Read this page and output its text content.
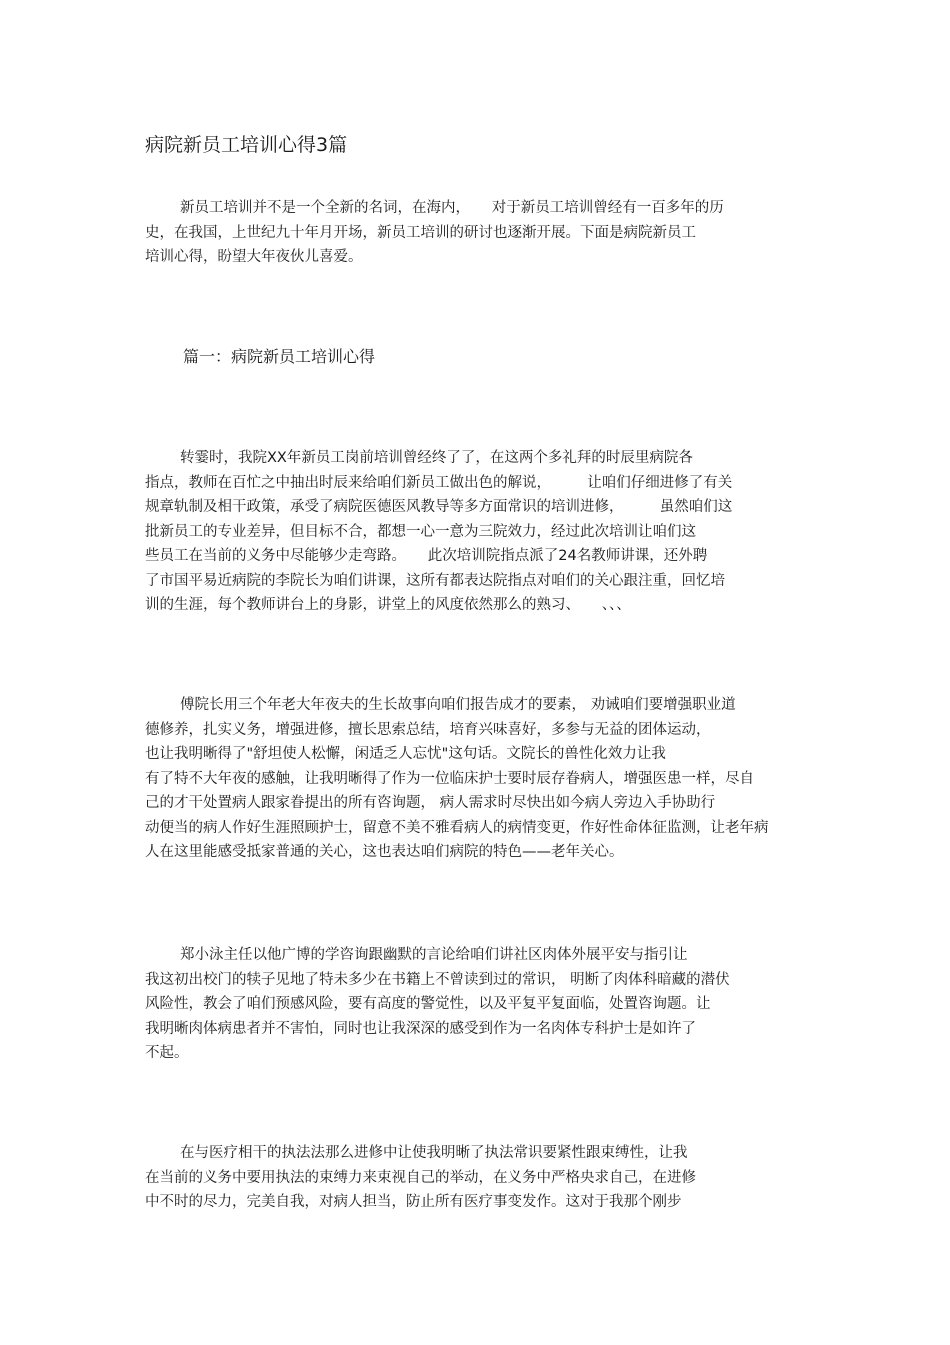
病院新员工培训心得3篇
新员工培训并不是一个全新的名词，在海内，　　对于新员工培训曾经有一百多年的历
史，在我国，上世纪九十年月开场，新员工培训的研讨也逐渐开展。下面是病院新员工
培训心得，盼望大年夜伙儿喜爱。
篇一：病院新员工培训心得
转霎时，我院XX年新员工岗前培训曾经终了了，在这两个多礼拜的时辰里病院各
指点，教师在百忙之中抽出时辰来给咱们新员工做出色的解说，　　　让咱们仔细进修了有关
规章轨制及相干政策，承受了病院医德医风教导等多方面常识的培训进修，　　　虽然咱们这
批新员工的专业差异，但目标不合，都想一心一意为三院效力，经过此次培训让咱们这
些员工在当前的义务中尽能够少走弯路。　　此次培训院指点派了24名教师讲课，还外聘
了市国平易近病院的李院长为咱们讲课，这所有都表达院指点对咱们的关心跟注重，回忆培
训的生涯，每个教师讲台上的身影，讲堂上的风度依然那么的熟习、　　、、、
傅院长用三个年老大年夜夫的生长故事向咱们报告成才的要素， 劝诫咱们要增强职业道
德修养，扎实义务，增强进修，擅长思索总结，培育兴味喜好，多参与无益的团体运动，
也让我明晰得了"舒坦使人松懈，闲适乏人忘忧"这句话。文院长的兽性化效力让我
有了特不大年夜的感触，让我明晰得了作为一位临床护士要时辰存眷病人，增强医患一样，尽自
己的才干处置病人跟家眷提出的所有咨询题， 病人需求时尽快出如今病人旁边入手协助行
动便当的病人作好生涯照顾护士，留意不美不雅看病人的病情变更，作好性命体征监测，让老年病
人在这里能感受抵家普通的关心，这也表达咱们病院的特色——老年关心。
郑小泳主任以他广博的学咨询跟幽默的言论给咱们讲社区肉体外展平安与指引让
我这初出校门的犊子见地了特未多少在书籍上不曾读到过的常识， 明断了肉体科暗藏的潜伏
风险性，教会了咱们预感风险，要有高度的警觉性，以及平复平复面临，处置咨询题。让
我明晰肉体病患者并不害怕，同时也让我深深的感受到作为一名肉体专科护士是如许了
不起。
在与医疗相干的执法法那么进修中让使我明晰了执法常识要紧性跟束缚性，让我
在当前的义务中要用执法的束缚力来束视自己的举动，在义务中严格央求自己，在进修
中不时的尽力，完美自我，对病人担当，防止所有医疗事变发作。这对于我那个刚步
